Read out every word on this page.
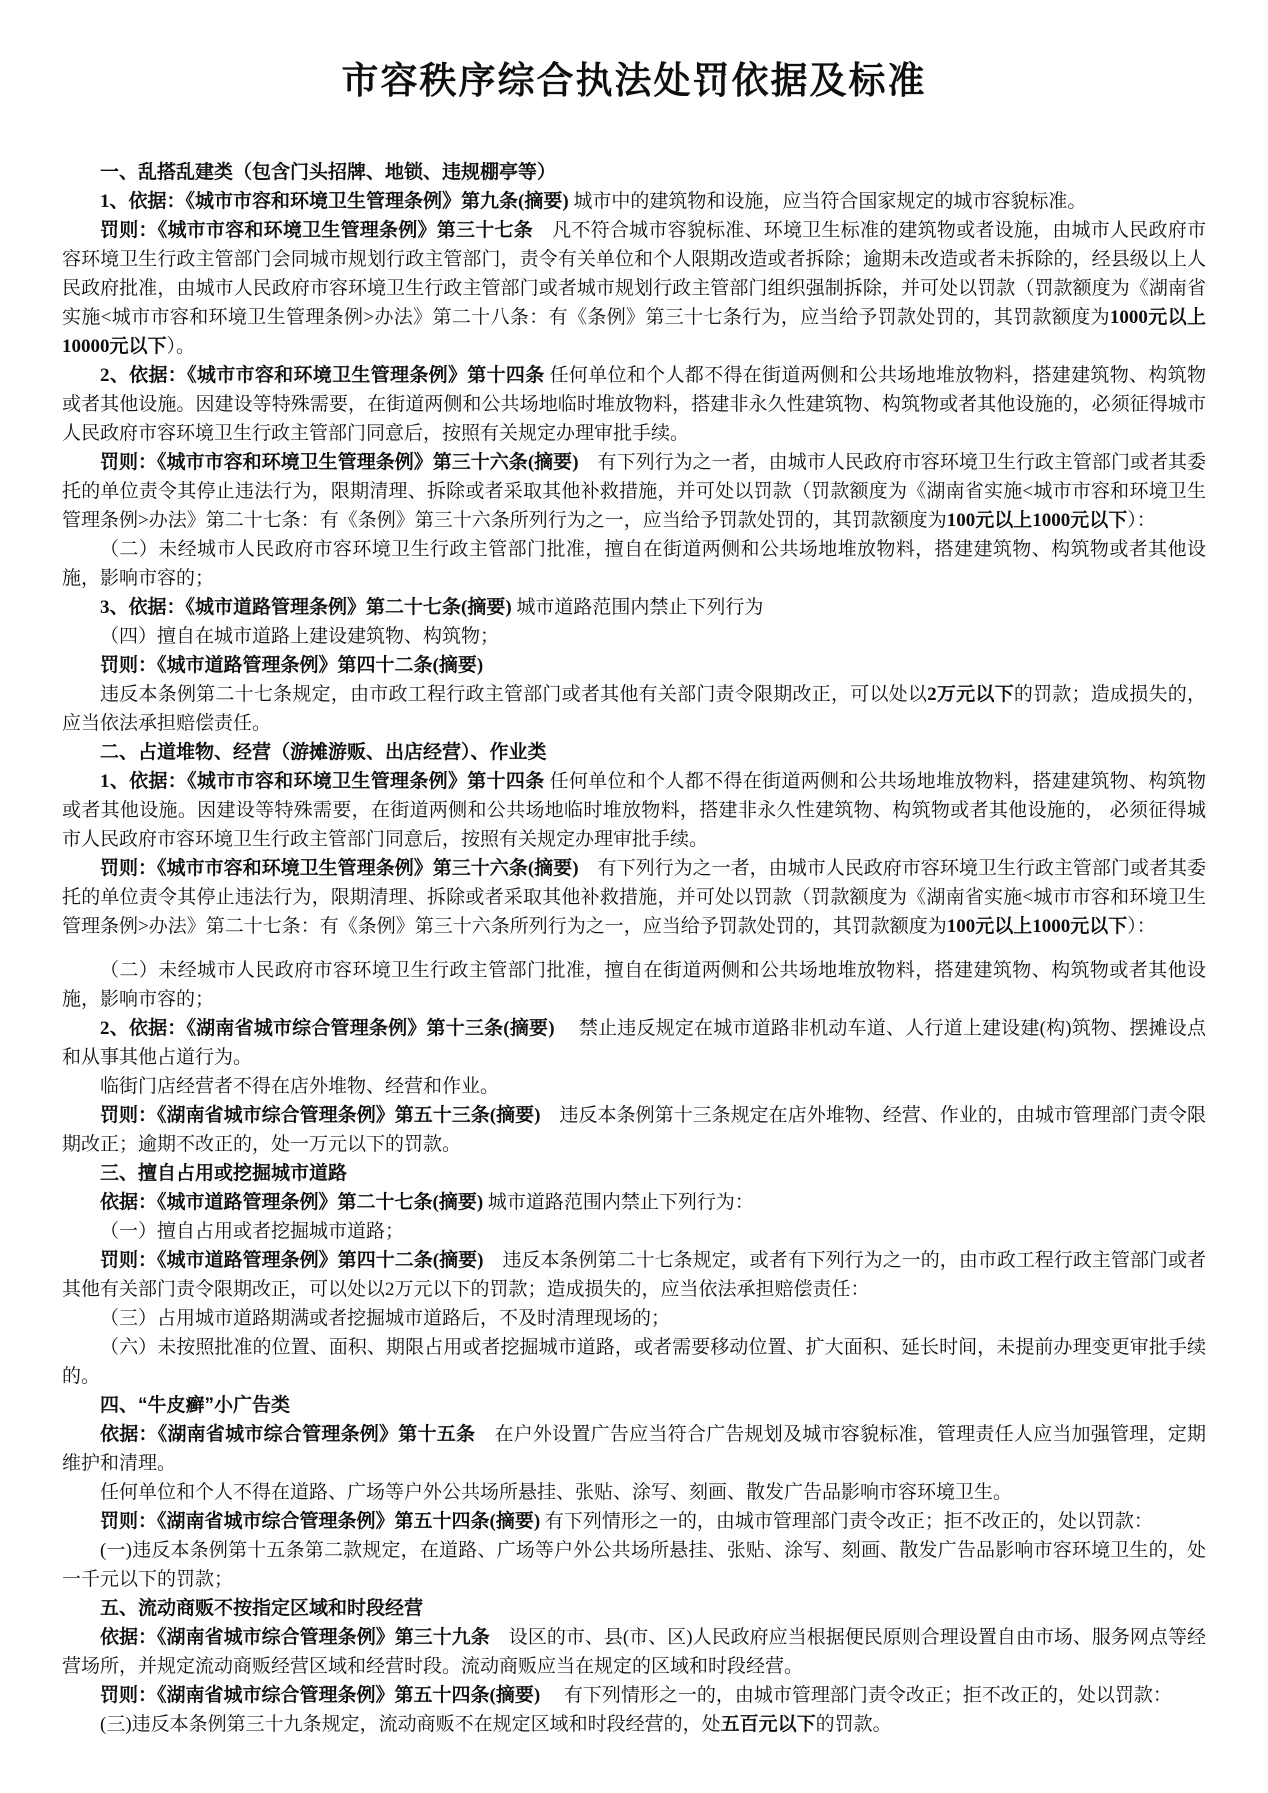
市容秩序综合执法处罚依据及标准

一、乱搭乱建类（包含门头招牌、地锁、违规棚亭等）

1、依据：《城市市容和环境卫生管理条例》第九条(摘要) 城市中的建筑物和设施，应当符合国家规定的城市容貌标准。

罚则：《城市市容和环境卫生管理条例》第三十七条　凡不符合城市容貌标准、环境卫生标准的建筑物或者设施，由城市人民政府市容环境卫生行政主管部门会同城市规划行政主管部门，责令有关单位和个人限期改造或者拆除；逾期未改造或者未拆除的，经县级以上人民政府批准，由城市人民政府市容环境卫生行政主管部门或者城市规划行政主管部门组织强制拆除，并可处以罚款（罚款额度为《湖南省实施<城市市容和环境卫生管理条例>办法》第二十八条：有《条例》第三十七条行为，应当给予罚款处罚的，其罚款额度为1000元以上10000元以下）。

2、依据：《城市市容和环境卫生管理条例》第十四条 任何单位和个人都不得在街道两侧和公共场地堆放物料，搭建建筑物、构筑物或者其他设施。因建设等特殊需要，在街道两侧和公共场地临时堆放物料，搭建非永久性建筑物、构筑物或者其他设施的，必须征得城市人民政府市容环境卫生行政主管部门同意后，按照有关规定办理审批手续。

罚则：《城市市容和环境卫生管理条例》第三十六条(摘要)　有下列行为之一者，由城市人民政府市容环境卫生行政主管部门或者其委托的单位责令其停止违法行为，限期清理、拆除或者采取其他补救措施，并可处以罚款（罚款额度为《湖南省实施<城市市容和环境卫生管理条例>办法》第二十七条：有《条例》第三十六条所列行为之一，应当给予罚款处罚的，其罚款额度为100元以上1000元以下）：

（二）未经城市人民政府市容环境卫生行政主管部门批准，擅自在街道两侧和公共场地堆放物料，搭建建筑物、构筑物或者其他设施，影响市容的；

3、依据：《城市道路管理条例》第二十七条(摘要) 城市道路范围内禁止下列行为

（四）擅自在城市道路上建设建筑物、构筑物；

罚则：《城市道路管理条例》第四十二条(摘要)

违反本条例第二十七条规定，由市政工程行政主管部门或者其他有关部门责令限期改正，可以处以2万元以下的罚款；造成损失的，应当依法承担赔偿责任。

二、占道堆物、经营（游摊游贩、出店经营）、作业类

1、依据：《城市市容和环境卫生管理条例》第十四条 任何单位和个人都不得在街道两侧和公共场地堆放物料，搭建建筑物、构筑物或者其他设施。因建设等特殊需要，在街道两侧和公共场地临时堆放物料，搭建非永久性建筑物、构筑物或者其他设施的， 必须征得城市人民政府市容环境卫生行政主管部门同意后，按照有关规定办理审批手续。

罚则：《城市市容和环境卫生管理条例》第三十六条(摘要)　有下列行为之一者，由城市人民政府市容环境卫生行政主管部门或者其委托的单位责令其停止违法行为，限期清理、拆除或者采取其他补救措施，并可处以罚款（罚款额度为《湖南省实施<城市市容和环境卫生管理条例>办法》第二十七条：有《条例》第三十六条所列行为之一，应当给予罚款处罚的，其罚款额度为100元以上1000元以下）：

（二）未经城市人民政府市容环境卫生行政主管部门批准，擅自在街道两侧和公共场地堆放物料，搭建建筑物、构筑物或者其他设施，影响市容的；

2、依据：《湖南省城市综合管理条例》第十三条(摘要)　 禁止违反规定在城市道路非机动车道、人行道上建设建(构)筑物、摆摊设点和从事其他占道行为。

临街门店经营者不得在店外堆物、经营和作业。

罚则：《湖南省城市综合管理条例》第五十三条(摘要)　违反本条例第十三条规定在店外堆物、经营、作业的，由城市管理部门责令限期改正；逾期不改正的，处一万元以下的罚款。

三、擅自占用或挖掘城市道路

依据：《城市道路管理条例》第二十七条(摘要) 城市道路范围内禁止下列行为：

（一）擅自占用或者挖掘城市道路；

罚则：《城市道路管理条例》第四十二条(摘要)　违反本条例第二十七条规定，或者有下列行为之一的，由市政工程行政主管部门或者其他有关部门责令限期改正，可以处以2万元以下的罚款；造成损失的，应当依法承担赔偿责任：

（三）占用城市道路期满或者挖掘城市道路后，不及时清理现场的；

（六）未按照批准的位置、面积、期限占用或者挖掘城市道路，或者需要移动位置、扩大面积、延长时间，未提前办理变更审批手续的。

四、“牛皮癣”小广告类

依据：《湖南省城市综合管理条例》第十五条　在户外设置广告应当符合广告规划及城市容貌标准，管理责任人应当加强管理，定期维护和清理。

任何单位和个人不得在道路、广场等户外公共场所悬挂、张贴、涂写、刻画、散发广告品影响市容环境卫生。

罚则：《湖南省城市综合管理条例》第五十四条(摘要) 有下列情形之一的，由城市管理部门责令改正；拒不改正的，处以罚款：

(一)违反本条例第十五条第二款规定，在道路、广场等户外公共场所悬挂、张贴、涂写、刻画、散发广告品影响市容环境卫生的，处一千元以下的罚款；

五、流动商贩不按指定区域和时段经营

依据：《湖南省城市综合管理条例》第三十九条　设区的市、县(市、区)人民政府应当根据便民原则合理设置自由市场、服务网点等经营场所，并规定流动商贩经营区域和经营时段。流动商贩应当在规定的区域和时段经营。

罚则：《湖南省城市综合管理条例》第五十四条(摘要)　 有下列情形之一的，由城市管理部门责令改正；拒不改正的，处以罚款：

(三)违反本条例第三十九条规定，流动商贩不在规定区域和时段经营的，处五百元以下的罚款。
